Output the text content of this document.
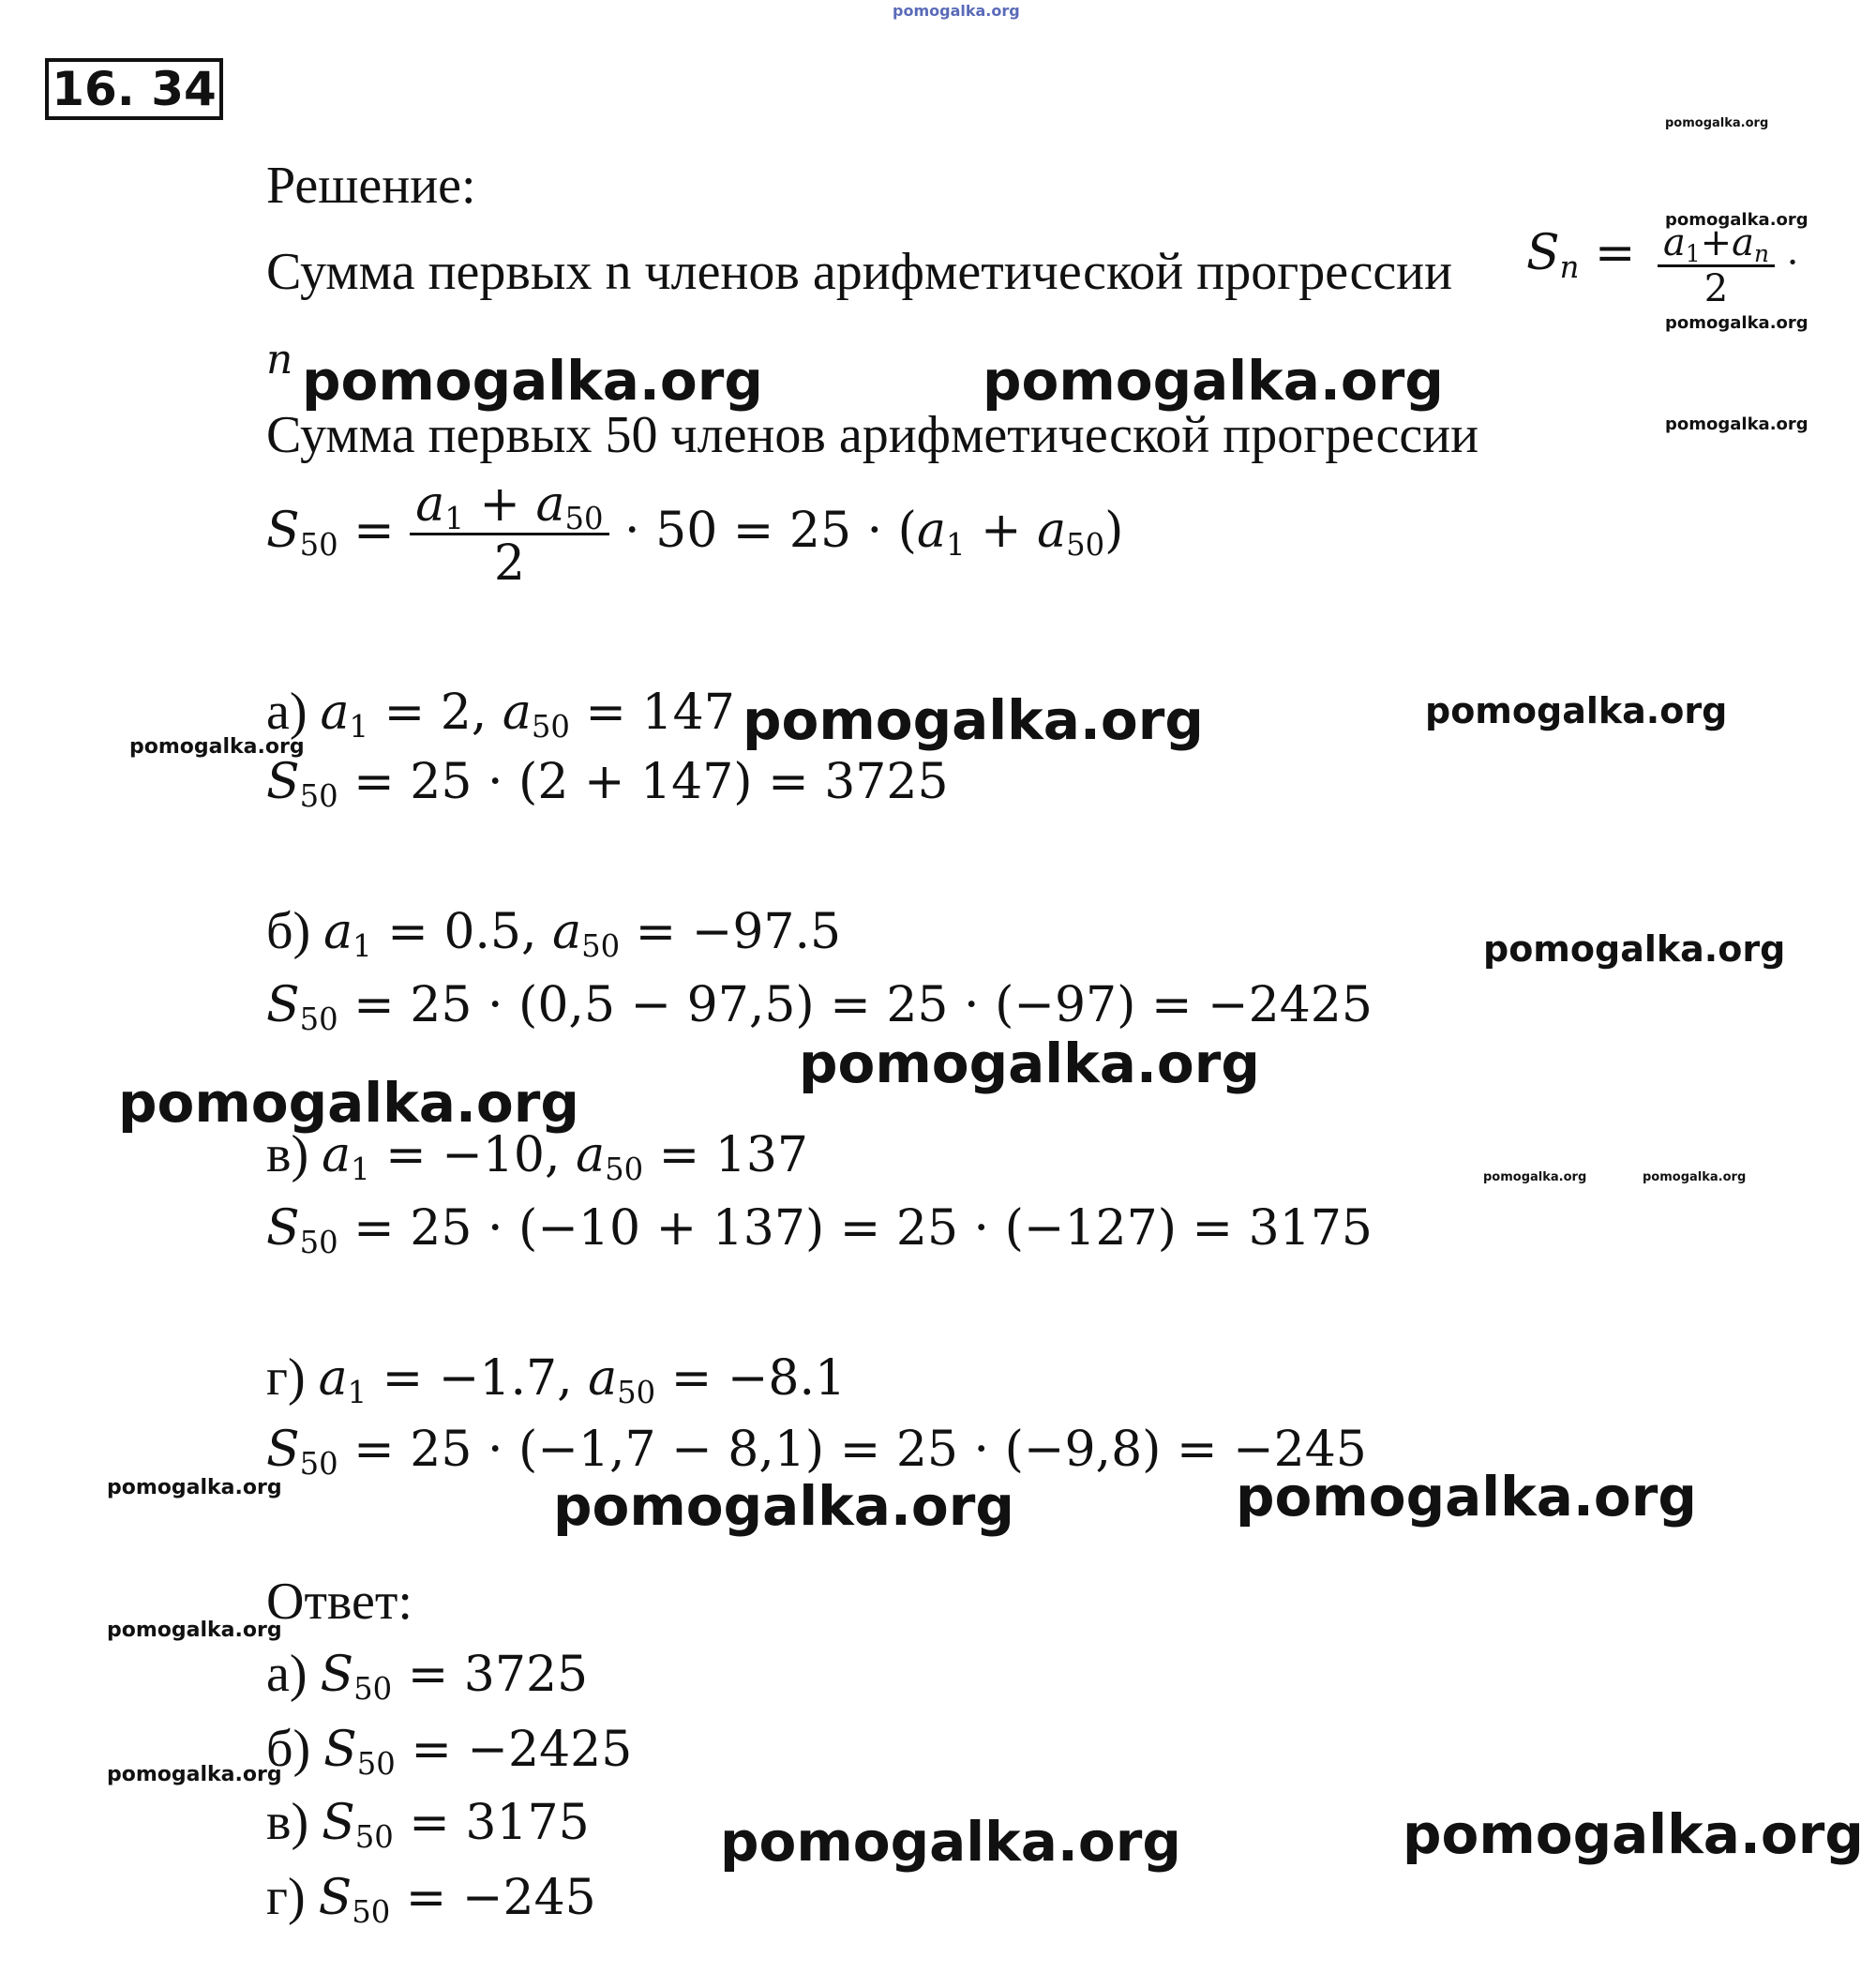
16. 34
Решение:
Сумма первых n членов арифметической прогрессии $S_n = \frac{a_1+a_n}{2}$ ·
n
Сумма первых 50 членов арифметической прогрессии
$S_{50} = \frac{a_1 + a_{50}}{2} \cdot 50 = 25 \cdot (a_1 + a_{50})$
а) $a_1 = 2$, $a_{50} = 147$
$S_{50} = 25 \cdot (2 + 147) = 3725$
б) $a_1 = 0.5$, $a_{50} = -97.5$
$S_{50} = 25 \cdot (0,5 - 97,5) = 25 \cdot (-97) = -2425$
в) $a_1 = -10$, $a_{50} = 137$
$S_{50} = 25 \cdot (-10 + 137) = 25 \cdot (-127) = 3175$
г) $a_1 = -1.7$, $a_{50} = -8.1$
$S_{50} = 25 \cdot (-1,7 - 8,1) = 25 \cdot (-9,8) = -245$
Ответ:
а) $S_{50} = 3725$
б) $S_{50} = -2425$
в) $S_{50} = 3175$
г) $S_{50} = -245$
pomogalka.org
pomogalka.org
pomogalka.org
pomogalka.org
pomogalka.org
pomogalka.org	pomogalka.org
pomogalka.org	pomogalka.org
pomogalka.org
pomogalka.org
pomogalka.org
pomogalka.org
pomogalka.org	pomogalka.org
pomogalka.org	pomogalka.org	pomogalka.org
pomogalka.org
pomogalka.org
pomogalka.org	pomogalka.org
